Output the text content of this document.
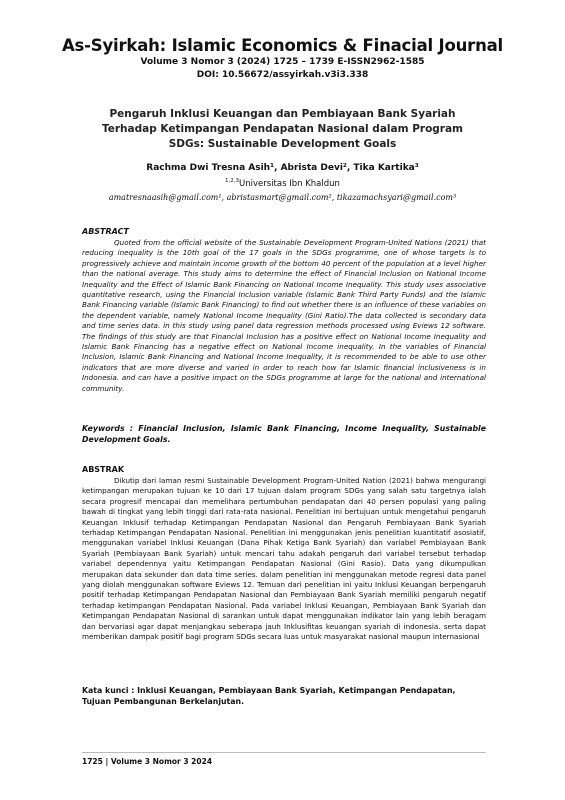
As-Syirkah: Islamic Economics & Finacial Journal
Volume 3 Nomor 3 (2024) 1725 – 1739 E-ISSN2962-1585
DOI: 10.56672/assyirkah.v3i3.338
Pengaruh Inklusi Keuangan dan Pembiayaan Bank Syariah Terhadap Ketimpangan Pendapatan Nasional dalam Program SDGs: Sustainable Development Goals
Rachma Dwi Tresna Asih¹, Abrista Devi², Tika Kartika³
$^{1,2,3}$Universitas Ibn Khaldun
amatresnaasih@gmail.com¹, abristasmart@gmail.com², tikazamachsyari@gmail.com³
ABSTRACT
Quoted from the official website of the Sustainable Development Program-United Nations (2021) that reducing inequality is the 10th goal of the 17 goals in the SDGs programme, one of whose targets is to progressively achieve and maintain income growth of the bottom 40 percent of the population at a level higher than the national average. This study aims to determine the effect of Financial Inclusion on National Income Inequality and the Effect of Islamic Bank Financing on National Income Inequality. This study uses associative quantitative research, using the Financial Inclusion variable (Islamic Bank Third Party Funds) and the Islamic Bank Financing variable (Islamic Bank Financing) to find out whether there is an influence of these variables on the dependent variable, namely National Income Inequality (Gini Ratio).The data collected is secondary data and time series data. in this study using panel data regression methods processed using Eviews 12 software. The findings of this study are that Financial Inclusion has a positive effect on National Income Inequality and Islamic Bank Financing has a negative effect on National Income inequality. In the variables of Financial Inclusion, Islamic Bank Financing and National Income Inequality, it is recommended to be able to use other indicators that are more diverse and varied in order to reach how far Islamic financial inclusiveness is in Indonesia. and can have a positive impact on the SDGs programme at large for the national and international community.
Keywords : Financial Inclusion, Islamic Bank Financing, Income Inequality, Sustainable Development Goals.
ABSTRAK
Dikutip dari laman resmi Sustainable Development Program-United Nation (2021) bahwa mengurangi ketimpangan merupakan tujuan ke 10 dari 17 tujuan dalam program SDGs yang salah satu targetnya ialah secara progresif mencapai dan memelihara pertumbuhan pendapatan dari 40 persen populasi yang paling bawah di tingkat yang lebih tinggi dari rata-rata nasional. Penelitian ini bertujuan untuk mengetahui pengaruh Keuangan Inklusif terhadap Ketimpangan Pendapatan Nasional dan Pengaruh Pembiayaan Bank Syariah terhadap Ketimpangan Pendapatan Nasional. Penelitian ini menggunakan jenis penelitian kuantitatif asosiatif, menggunakan variabel Inklusi Keuangan (Dana Pihak Ketiga Bank Syariah) dan variabel Pembiayaan Bank Syariah (Pembiayaan Bank Syariah) untuk mencari tahu adakah pengaruh dari variabel tersebut terhadap variabel dependennya yaitu Ketimpangan Pendapatan Nasional (Gini Rasio). Data yang dikumpulkan merupakan data sekunder dan data time series. dalam penelitian ini menggunakan metode regresi data panel yang diolah menggunakan software Eviews 12. Temuan dari penelitian ini yaitu Inklusi Keuangan berpengaruh positif terhadap Ketimpangan Pendapatan Nasional dan Pembiayaan Bank Syariah memiliki pengaruh negatif terhadap ketimpangan Pendapatan Nasional. Pada variabel Inklusi Keuangan, Pembiayaan Bank Syariah dan Ketimpangan Pendapatan Nasional di sarankan untuk dapat menggunakan indikator lain yang lebih beragam dan bervariasi agar dapat menjangkau seberapa jauh Inklusifitas keuangan syariah di indonesia. serta dapat memberikan dampak positif bagi program SDGs secara luas untuk masyarakat nasional maupun internasional
Kata kunci : Inklusi Keuangan, Pembiayaan Bank Syariah, Ketimpangan Pendapatan, Tujuan Pembangunan Berkelanjutan.
1725 | Volume 3 Nomor 3 2024
